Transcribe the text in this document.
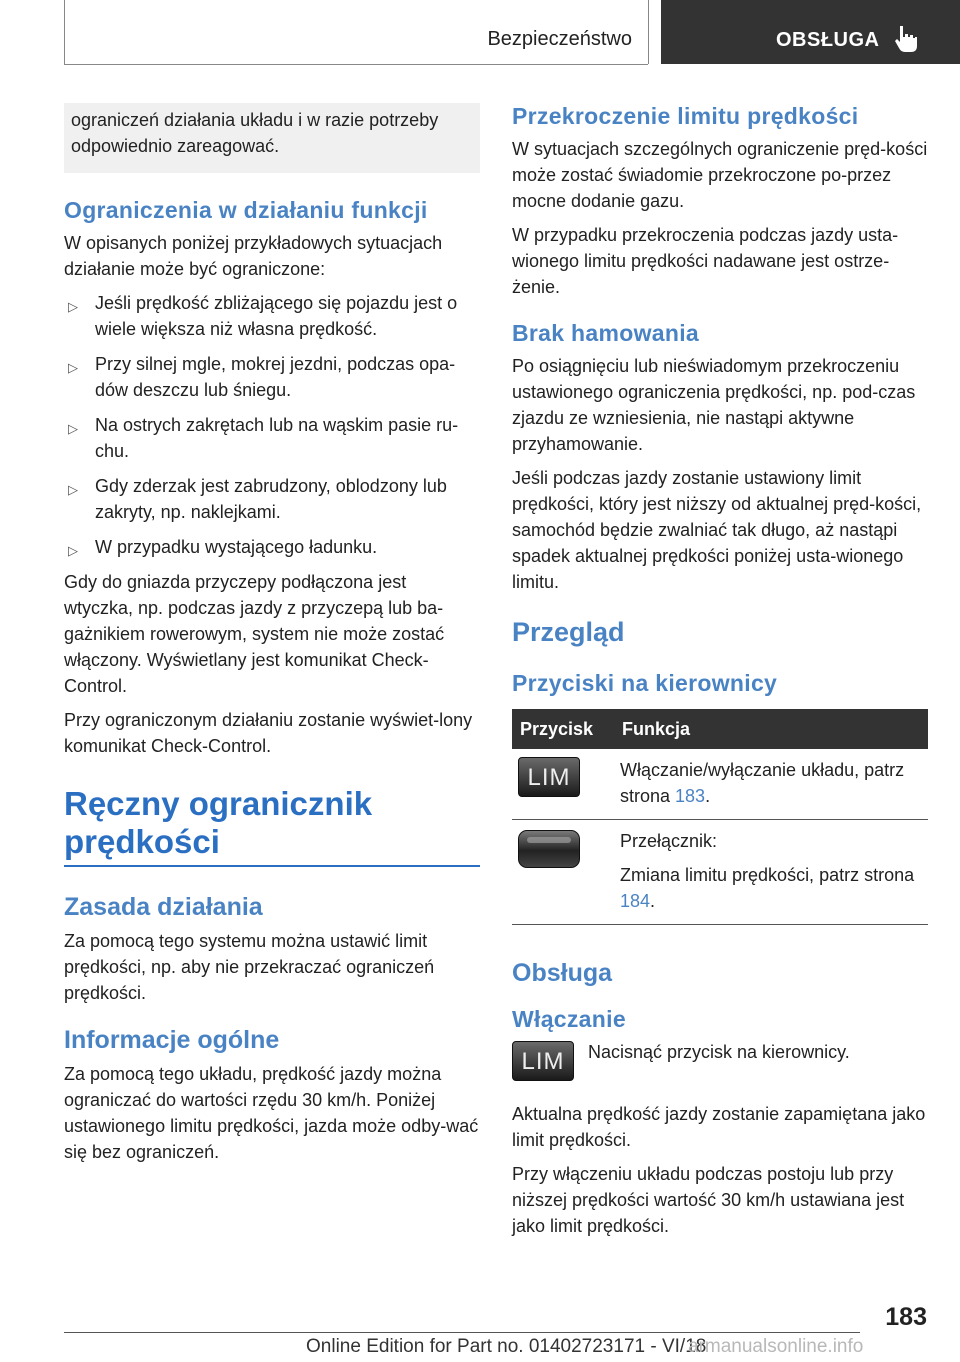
Bezpieczeństwo	OBSŁUGA
ograniczeń działania układu i w razie potrzeby odpowiednio zareagować.
Ograniczenia w działaniu funkcji

W opisanych poniżej przykładowych sytuacjach działanie może być ograniczone:

▷ Jeśli prędkość zbliżającego się pojazdu jest o wiele większa niż własna prędkość.
▷ Przy silnej mgle, mokrej jezdni, podczas opa-dów deszczu lub śniegu.
▷ Na ostrych zakrętach lub na wąskim pasie ru-chu.
▷ Gdy zderzak jest zabrudzony, oblodzony lub zakryty, np. naklejkami.
▷ W przypadku wystającego ładunku.

Gdy do gniazda przyczepy podłączona jest wtyczka, np. podczas jazdy z przyczepą lub ba-gażnikiem rowerowym, system nie może zostać włączony. Wyświetlany jest komunikat Check-Control.

Przy ograniczonym działaniu zostanie wyświet-lony komunikat Check-Control.

Ręczny ogranicznik
prędkości
Zasada działania

Za pomocą tego systemu można ustawić limit prędkości, np. aby nie przekraczać ograniczeń prędkości.

Informacje ogólne

Za pomocą tego układu, prędkość jazdy można ograniczać do wartości rzędu 30 km/h. Poniżej ustawionego limitu prędkości, jazda może odby-wać się bez ograniczeń.

Przekroczenie limitu prędkości

W sytuacjach szczególnych ograniczenie pręd-kości może zostać świadomie przekroczone po-przez mocne dodanie gazu.

W przypadku przekroczenia podczas jazdy usta-wionego limitu prędkości nadawane jest ostrze-żenie.

Brak hamowania

Po osiągnięciu lub nieświadomym przekroczeniu ustawionego ograniczenia prędkości, np. pod-czas zjazdu ze wzniesienia, nie nastąpi aktywne przyhamowanie.

Jeśli podczas jazdy zostanie ustawiony limit prędkości, który jest niższy od aktualnej pręd-kości, samochód będzie zwalniać tak długo, aż nastąpi spadek aktualnej prędkości poniżej usta-wionego limitu.

Przegląd
Przyciski na kierownicy
Przycisk	Funkcja
LIM	Włączanie/wyłączanie układu, patrz strona 183.

	Przełącznik:
Zmiana limitu prędkości, patrz strona 184.
Obsługa
Włączanie
LIM	Nacisnąć przycisk na kierownicy.

Aktualna prędkość jazdy zostanie zapamiętana jako limit prędkości.

Przy włączeniu układu podczas postoju lub przy niższej prędkości wartość 30 km/h ustawiana jest jako limit prędkości.

183
Online Edition for Part no. 01402723171 - VI/18
armanualsonline.info
